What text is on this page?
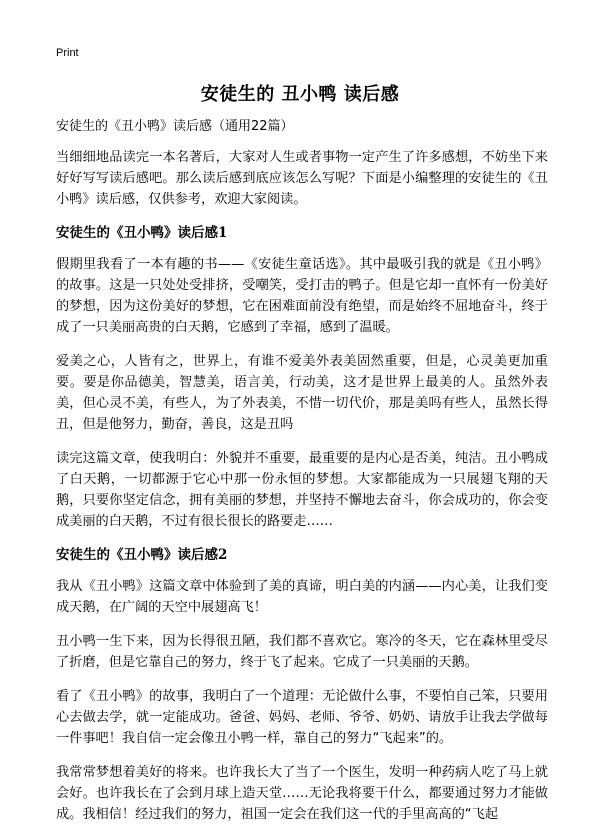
Print
安徒生的 丑小鸭 读后感
安徒生的《丑小鸭》读后感（通用22篇）

当细细地品读完一本名著后，大家对人生或者事物一定产生了许多感想，不妨坐下来好好写写读后感吧。那么读后感到底应该怎么写呢？下面是小编整理的安徒生的《丑小鸭》读后感，仅供参考，欢迎大家阅读。

安徒生的《丑小鸭》读后感1

假期里我看了一本有趣的书——《安徒生童话选》。其中最吸引我的就是《丑小鸭》的故事。这是一只处处受排挤，受嘲笑，受打击的鸭子。但是它却一直怀有一份美好的梦想，因为这份美好的梦想，它在困难面前没有绝望，而是始终不屈地奋斗，终于成了一只美丽高贵的白天鹅，它感到了幸福，感到了温暖。

爱美之心，人皆有之，世界上，有谁不爱美外表美固然重要，但是，心灵美更加重要。要是你品德美，智慧美，语言美，行动美，这才是世界上最美的人。虽然外表美，但心灵不美，有些人，为了外表美，不惜一切代价，那是美吗有些人，虽然长得丑，但是他努力，勤奋，善良，这是丑吗

读完这篇文章，使我明白：外貌并不重要，最重要的是内心是否美，纯洁。丑小鸭成了白天鹅，一切都源于它心中那一份永恒的梦想。大家都能成为一只展翅飞翔的天鹅，只要你坚定信念，拥有美丽的梦想，并坚持不懈地去奋斗，你会成功的，你会变成美丽的白天鹅，不过有很长很长的路要走……

安徒生的《丑小鸭》读后感2

我从《丑小鸭》这篇文章中体验到了美的真谛，明白美的内涵——内心美，让我们变成天鹅，在广阔的天空中展翅高飞！

丑小鸭一生下来，因为长得很丑陋，我们都不喜欢它。寒冷的冬天，它在森林里受尽了折磨，但是它靠自己的努力，终于飞了起来。它成了一只美丽的天鹅。

看了《丑小鸭》的故事，我明白了一个道理：无论做什么事，不要怕自己笨，只要用心去做去学，就一定能成功。爸爸、妈妈、老师、爷爷、奶奶、请放手让我去学做每一件事吧！我自信一定会像丑小鸭一样，靠自己的努力“飞起来”的。

我常常梦想着美好的将来。也许我长大了当了一个医生，发明一种药病人吃了马上就会好。也许我长在了会到月球上造天堂……无论我将要干什么，都要通过努力才能做成。我相信！经过我们的努力，祖国一定会在我们这一代的手里高高的“飞起
